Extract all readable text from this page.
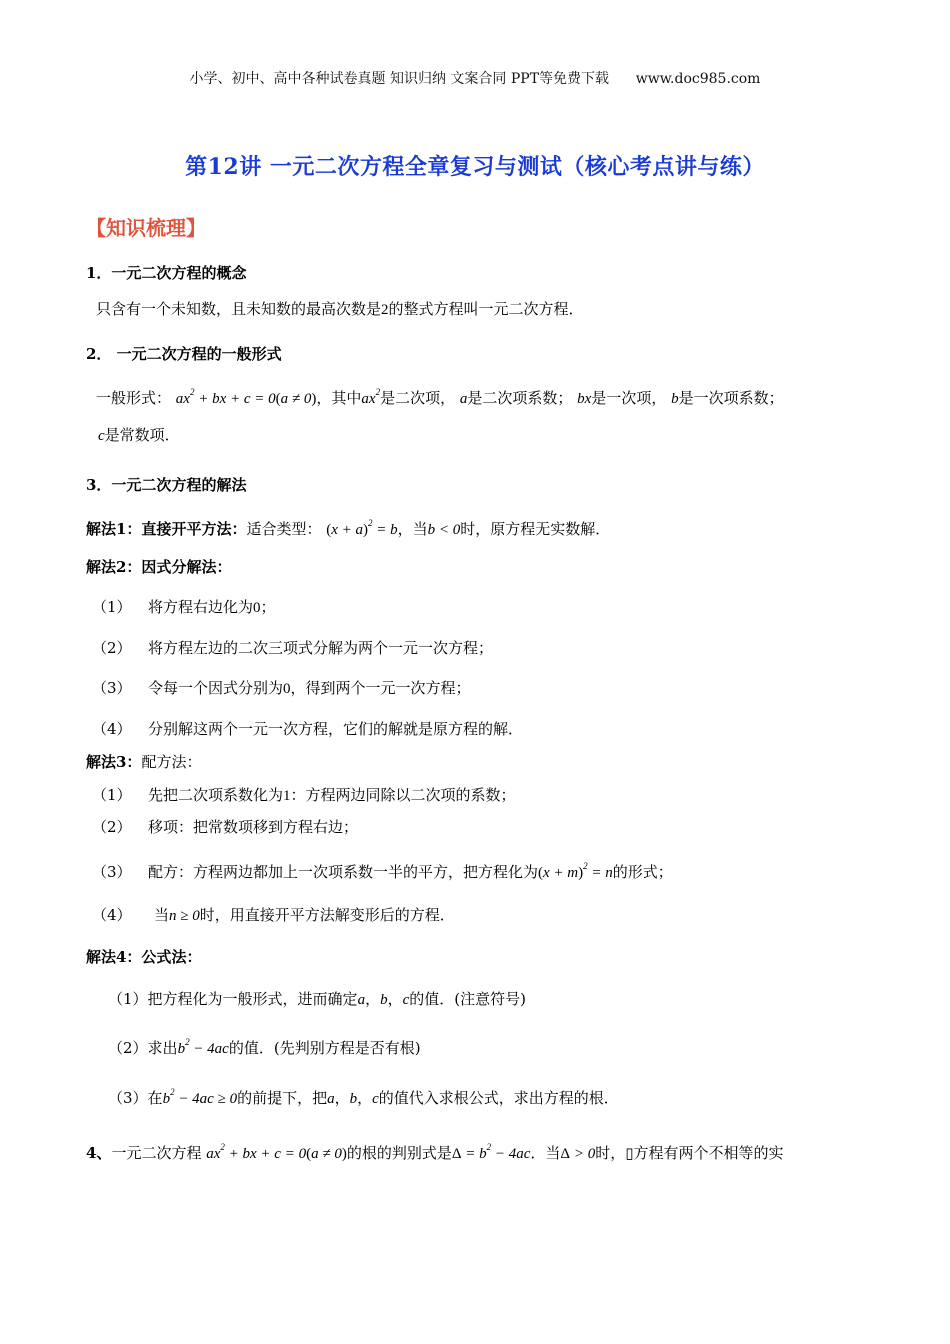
小学、初中、高中各种试卷真题 知识归纳 文案合同 PPT等免费下载 www.doc985.com
第12讲 一元二次方程全章复习与测试（核心考点讲与练）
【知识梳理】
1．一元二次方程的概念
只含有一个未知数，且未知数的最高次数是2的整式方程叫一元二次方程．
2． 一元二次方程的一般形式
一般形式： $ax^2$ + bx + c = 0(a ≠ 0)，其中$ax^2$是二次项， a是二次项系数； bx是一次项， b是一次项系数；
c是常数项．
3．一元二次方程的解法
解法1：直接开平方法：适合类型： $(x + a)^2 = b$，当b < 0时，原方程无实数解．
解法2：因式分解法：
（1） 将方程右边化为0；
（2） 将方程左边的二次三项式分解为两个一元一次方程；
（3） 令每一个因式分别为0，得到两个一元一次方程；
（4） 分别解这两个一元一次方程，它们的解就是原方程的解．
解法3：配方法：
（1） 先把二次项系数化为1：方程两边同除以二次项的系数；
（2） 移项：把常数项移到方程右边；
（3） 配方：方程两边都加上一次项系数一半的平方，把方程化为$(x + m)^2 = n$的形式；
（4） 当n ≥ 0时，用直接开平方法解变形后的方程．
解法4：公式法：
（1）把方程化为一般形式，进而确定a，b，c的值．(注意符号)
（2）求出$b^2 - 4ac$的值．(先判别方程是否有根)
（3）在$b^2 - 4ac \ge 0$的前提下，把a，b，c的值代入求根公式，求出方程的根．
4、一元二次方程 $ax^2$ + bx + c = 0(a ≠ 0)的根的判别式是$\Delta = b^2 - 4ac$．当Δ > 0时，▯方程有两个不相等的实
